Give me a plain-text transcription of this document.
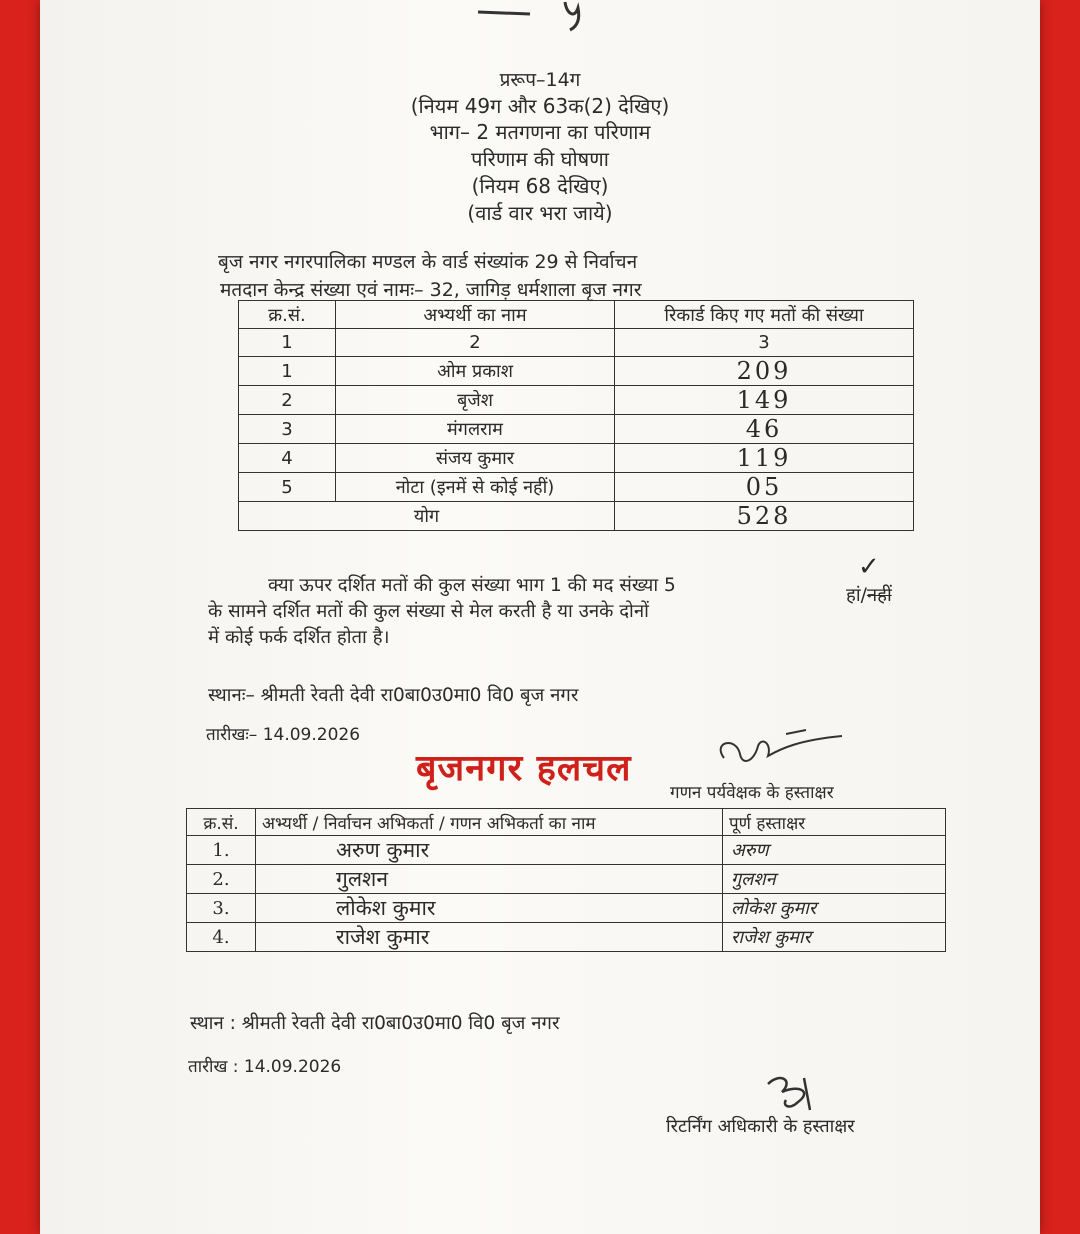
प्ररूप–14ग
(नियम 49ग और 63क(2) देखिए)
भाग– 2 मतगणना का परिणाम
परिणाम की घोषणा
(नियम 68 देखिए)
(वार्ड वार भरा जाये)
बृज नगर नगरपालिका मण्डल के वार्ड संख्यांक 29 से निर्वाचन
मतदान केन्द्र संख्या एवं नामः– 32, जागिड़ धर्मशाला बृज नगर
क्र.सं.	अभ्यर्थी का नाम	रिकार्ड किए गए मतों की संख्या
1	2	3
1	ओम प्रकाश	209
2	बृजेश	149
3	मंगलराम	46
4	संजय कुमार	119
5	नोटा (इनमें से कोई नहीं)	05
योग		528
क्या ऊपर दर्शित मतों की कुल संख्या भाग 1 की मद संख्या 5
के सामने दर्शित मतों की कुल संख्या से मेल करती है या उनके दोनों
में कोई फर्क दर्शित होता है।
✓
हां/नहीं
स्थानः– श्रीमती रेवती देवी रा0बा0उ0मा0 वि0 बृज नगर
तारीखः– 14.09.2026
बृजनगर हलचल
गणन पर्यवेक्षक के हस्ताक्षर
क्र.सं.	अभ्यर्थी / निर्वाचन अभिकर्ता / गणन अभिकर्ता का नाम	पूर्ण हस्ताक्षर
1.	अरुण कुमार	अरुण
2.	गुलशन	गुलशन
3.	लोकेश कुमार	लोकेश कुमार
4.	राजेश कुमार	राजेश कुमार
स्थान : श्रीमती रेवती देवी रा0बा0उ0मा0 वि0 बृज नगर
तारीख : 14.09.2026
रिटर्निंग अधिकारी के हस्ताक्षर
